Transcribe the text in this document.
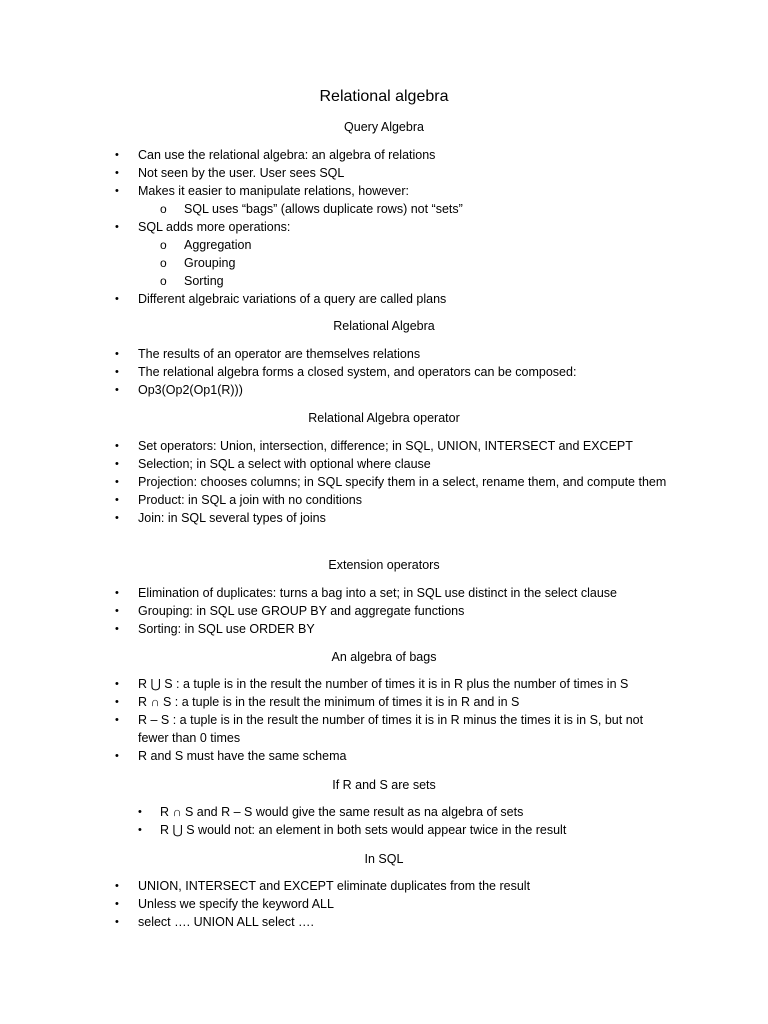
Relational algebra
Query Algebra
• Can use the relational algebra: an algebra of relations
• Not seen by the user. User sees SQL
• Makes it easier to manipulate relations, however:
o SQL uses “bags” (allows duplicate rows) not “sets”
• SQL adds more operations:
o Aggregation
o Grouping
o Sorting
• Different algebraic variations of a query are called plans
Relational Algebra
• The results of an operator are themselves relations
• The relational algebra forms a closed system, and operators can be composed:
• Op3(Op2(Op1(R)))
Relational Algebra operator
• Set operators: Union, intersection, difference; in SQL, UNION, INTERSECT and EXCEPT
• Selection; in SQL a select with optional where clause
• Projection: chooses columns; in SQL specify them in a select, rename them, and compute them
• Product: in SQL a join with no conditions
• Join: in SQL several types of joins
Extension operators
• Elimination of duplicates: turns a bag into a set; in SQL use distinct in the select clause
• Grouping: in SQL use GROUP BY and aggregate functions
• Sorting: in SQL use ORDER BY
An algebra of bags
• R ⋃ S : a tuple is in the result the number of times it is in R plus the number of times in S
• R ∩ S : a tuple is in the result the minimum of times it is in R and in S
• R – S : a tuple is in the result the number of times it is in R minus the times it is in S, but not fewer than 0 times
• R and S must have the same schema
If R and S are sets
• R ∩ S and R – S would give the same result as na algebra of sets
• R ⋃ S would not: an element in both sets would appear twice in the result
In SQL
• UNION, INTERSECT and EXCEPT eliminate duplicates from the result
• Unless we specify the keyword ALL
• select …. UNION ALL select ….
